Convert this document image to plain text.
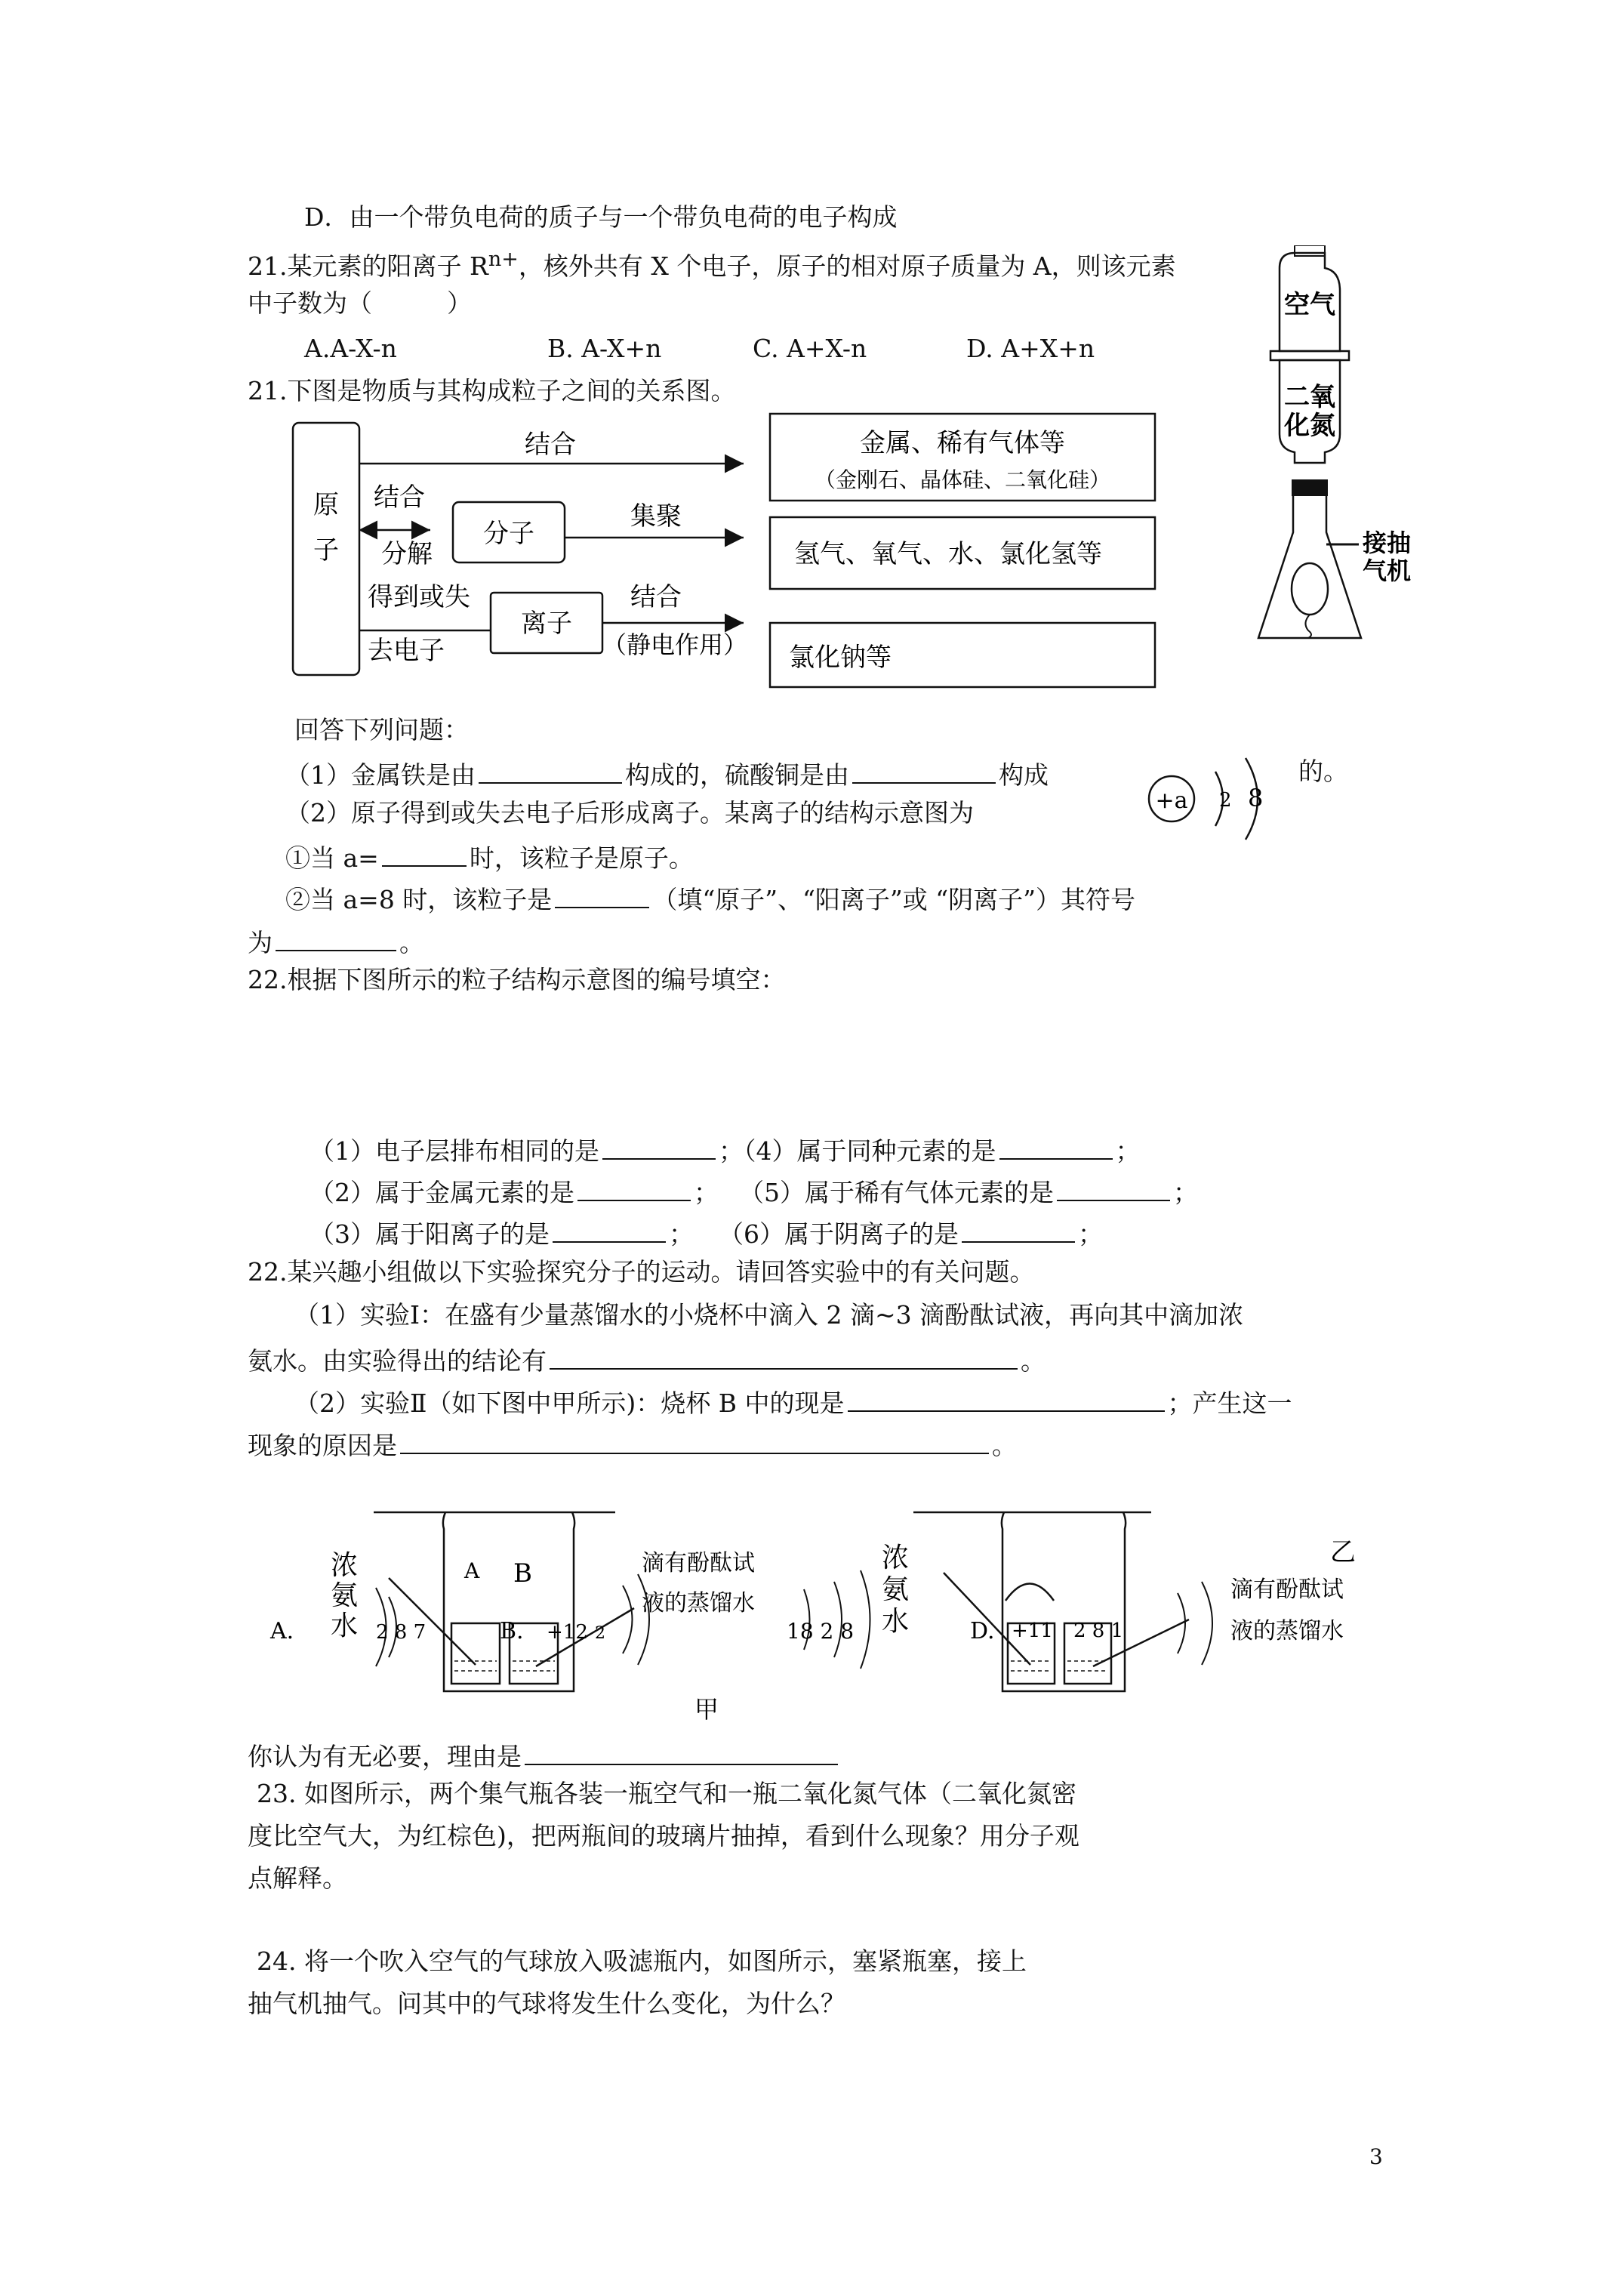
D．由一个带负电荷的质子与一个带负电荷的电子构成
21.某元素的阳离子 $R^{n+}$，核外共有 X 个电子，原子的相对原子质量为 A，则该元素
中子数为（　　　）
A.A-X-n	B. A-X+n	C. A+X-n	D. A+X+n
21.下图是物质与其构成粒子之间的关系图。
原
子
结合
结合
分解
分子
集聚
得到或失
去电子
离子
结合
（静电作用）
金属、稀有气体等
（金刚石、晶体硅、二氧化硅）
氢气、氧气、水、氯化氢等
氯化钠等
空气
二氧
化氮
接抽
气机
回答下列问题：
（1）金属铁是由	构成的，硫酸铜是由	构成	的。
+a 2 8
（2）原子得到或失去电子后形成离子。某离子的结构示意图为
①当 a=	时，该粒子是原子。
②当 a=8 时，该粒子是	（填“原子”、“阳离子”或 “阴离子”）其符号
为	。
22.根据下图所示的粒子结构示意图的编号填空：
（1）电子层排布相同的是	；（4）属于同种元素的是	；
（2）属于金属元素的是	；　 （5）属于稀有气体元素的是	；
（3）属于阳离子的是	；　　（6）属于阴离子的是	；
22.某兴趣小组做以下实验探究分子的运动。请回答实验中的有关问题。
（1）实验Ⅰ：在盛有少量蒸馏水的小烧杯中滴入 2 滴~3 滴酚酞试液，再向其中滴加浓
氨水。由实验得出的结论有	。
（2）实验Ⅱ（如下图中甲所示)：烧杯 B 中的现是	；产生这一
现象的原因是	。
浓
氨
水
A B	滴有酚酞试
液的蒸馏水
甲
浓
氨
水
滴有酚酞试
液的蒸馏水
乙
A.	2 8 7	B. +12 2	18 2 8	D. +11 2 8 1
你认为有无必要，理由是
23. 如图所示，两个集气瓶各装一瓶空气和一瓶二氧化氮气体（二氧化氮密
度比空气大，为红棕色)，把两瓶间的玻璃片抽掉，看到什么现象？用分子观
点解释。
24. 将一个吹入空气的气球放入吸滤瓶内，如图所示，塞紧瓶塞，接上
抽气机抽气。问其中的气球将发生什么变化，为什么？
3
